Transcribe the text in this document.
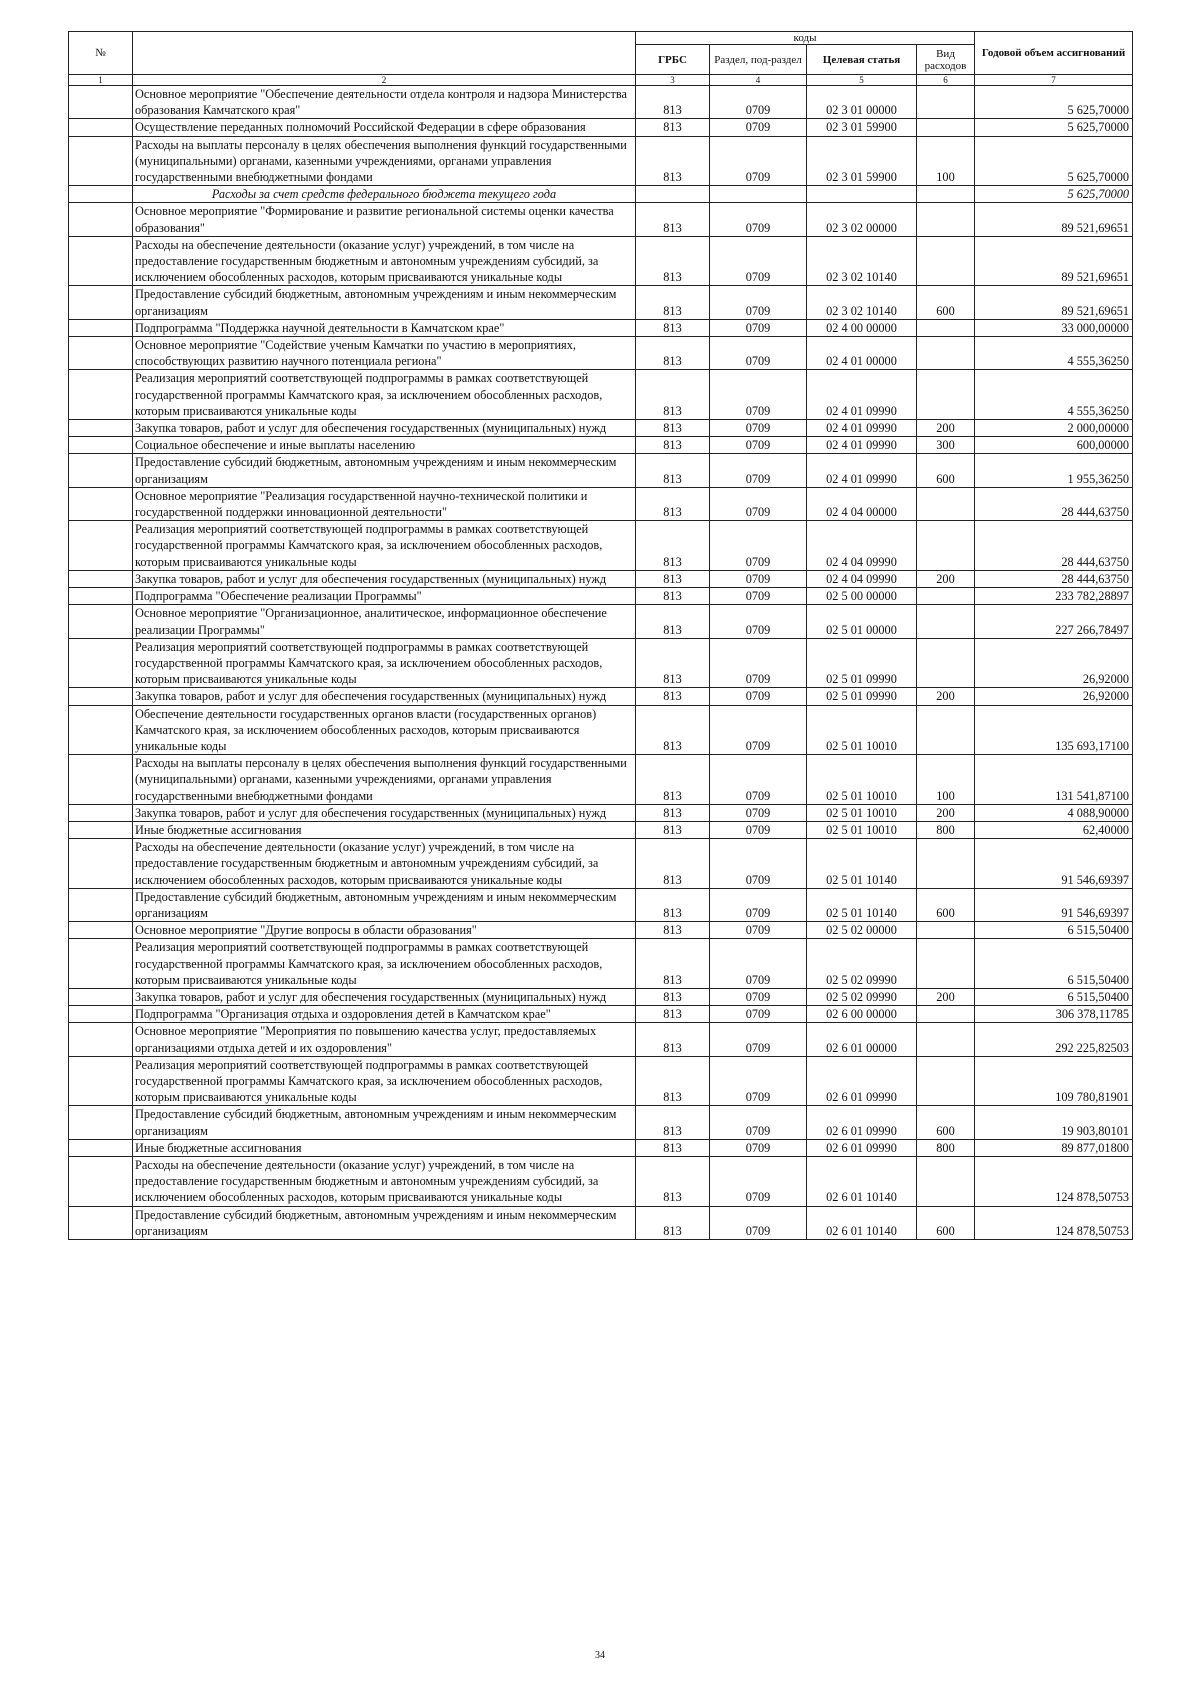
№		коды				Годовой объем ассигнований
		ГРБС	Раздел, под-раздел	Целевая статья	Вид расходов	
1	2	3	4	5	6	7
	Основное мероприятие "Обеспечение деятельности отдела контроля и надзора Министерства образования Камчатского края"	813	0709	02 3 01 00000		5 625,70000
	Осуществление переданных полномочий Российской Федерации в сфере образования	813	0709	02 3 01 59900		5 625,70000
	Расходы на выплаты персоналу в целях обеспечения выполнения функций государственными (муниципальными) органами, казенными учреждениями, органами управления государственными внебюджетными фондами	813	0709	02 3 01 59900	100	5 625,70000
	Расходы за счет средств федерального бюджета текущего года					5 625,70000
	Основное мероприятие "Формирование и развитие региональной системы оценки качества образования"	813	0709	02 3 02 00000		89 521,69651
	Расходы на обеспечение деятельности (оказание услуг) учреждений, в том числе на предоставление государственным бюджетным и автономным учреждениям субсидий, за исключением обособленных расходов, которым присваиваются уникальные коды	813	0709	02 3 02 10140		89 521,69651
	Предоставление субсидий бюджетным, автономным учреждениям и иным некоммерческим организациям	813	0709	02 3 02 10140	600	89 521,69651
	Подпрограмма "Поддержка научной деятельности в Камчатском крае"	813	0709	02 4 00 00000		33 000,00000
	Основное мероприятие "Содействие ученым Камчатки по участию в мероприятиях, способствующих развитию научного потенциала региона"	813	0709	02 4 01 00000		4 555,36250
	Реализация мероприятий соответствующей подпрограммы в рамках соответствующей государственной программы Камчатского края, за исключением обособленных расходов, которым присваиваются уникальные коды	813	0709	02 4 01 09990		4 555,36250
	Закупка товаров, работ и услуг для обеспечения государственных (муниципальных) нужд	813	0709	02 4 01 09990	200	2 000,00000
	Социальное обеспечение и иные выплаты населению	813	0709	02 4 01 09990	300	600,00000
	Предоставление субсидий бюджетным, автономным учреждениям и иным некоммерческим организациям	813	0709	02 4 01 09990	600	1 955,36250
	Основное мероприятие "Реализация государственной научно-технической политики и государственной поддержки инновационной деятельности"	813	0709	02 4 04 00000		28 444,63750
	Реализация мероприятий соответствующей подпрограммы в рамках соответствующей государственной программы Камчатского края, за исключением обособленных расходов, которым присваиваются уникальные коды	813	0709	02 4 04 09990		28 444,63750
	Закупка товаров, работ и услуг для обеспечения государственных (муниципальных) нужд	813	0709	02 4 04 09990	200	28 444,63750
	Подпрограмма "Обеспечение реализации Программы"	813	0709	02 5 00 00000		233 782,28897
	Основное мероприятие "Организационное, аналитическое, информационное обеспечение реализации Программы"	813	0709	02 5 01 00000		227 266,78497
	Реализация мероприятий соответствующей подпрограммы в рамках соответствующей государственной программы Камчатского края, за исключением обособленных расходов, которым присваиваются уникальные коды	813	0709	02 5 01 09990		26,92000
	Закупка товаров, работ и услуг для обеспечения государственных (муниципальных) нужд	813	0709	02 5 01 09990	200	26,92000
	Обеспечение деятельности государственных органов власти (государственных органов) Камчатского края, за исключением обособленных расходов, которым присваиваются уникальные коды	813	0709	02 5 01 10010		135 693,17100
	Расходы на выплаты персоналу в целях обеспечения выполнения функций государственными (муниципальными) органами, казенными учреждениями, органами управления государственными внебюджетными фондами	813	0709	02 5 01 10010	100	131 541,87100
	Закупка товаров, работ и услуг для обеспечения государственных (муниципальных) нужд	813	0709	02 5 01 10010	200	4 088,90000
	Иные бюджетные ассигнования	813	0709	02 5 01 10010	800	62,40000
	Расходы на обеспечение деятельности (оказание услуг) учреждений, в том числе на предоставление государственным бюджетным и автономным учреждениям субсидий, за исключением обособленных расходов, которым присваиваются уникальные коды	813	0709	02 5 01 10140		91 546,69397
	Предоставление субсидий бюджетным, автономным учреждениям и иным некоммерческим организациям	813	0709	02 5 01 10140	600	91 546,69397
	Основное мероприятие "Другие вопросы в области образования"	813	0709	02 5 02 00000		6 515,50400
	Реализация мероприятий соответствующей подпрограммы в рамках соответствующей государственной программы Камчатского края, за исключением обособленных расходов, которым присваиваются уникальные коды	813	0709	02 5 02 09990		6 515,50400
	Закупка товаров, работ и услуг для обеспечения государственных (муниципальных) нужд	813	0709	02 5 02 09990	200	6 515,50400
	Подпрограмма "Организация отдыха и оздоровления детей в Камчатском крае"	813	0709	02 6 00 00000		306 378,11785
	Основное мероприятие "Мероприятия по повышению качества услуг, предоставляемых организациями отдыха детей и их оздоровления"	813	0709	02 6 01 00000		292 225,82503
	Реализация мероприятий соответствующей подпрограммы в рамках соответствующей государственной программы Камчатского края, за исключением обособленных расходов, которым присваиваются уникальные коды	813	0709	02 6 01 09990		109 780,81901
	Предоставление субсидий бюджетным, автономным учреждениям и иным некоммерческим организациям	813	0709	02 6 01 09990	600	19 903,80101
	Иные бюджетные ассигнования	813	0709	02 6 01 09990	800	89 877,01800
	Расходы на обеспечение деятельности (оказание услуг) учреждений, в том числе на предоставление государственным бюджетным и автономным учреждениям субсидий, за исключением обособленных расходов, которым присваиваются уникальные коды	813	0709	02 6 01 10140		124 878,50753
	Предоставление субсидий бюджетным, автономным учреждениям и иным некоммерческим организациям	813	0709	02 6 01 10140	600	124 878,50753
34
